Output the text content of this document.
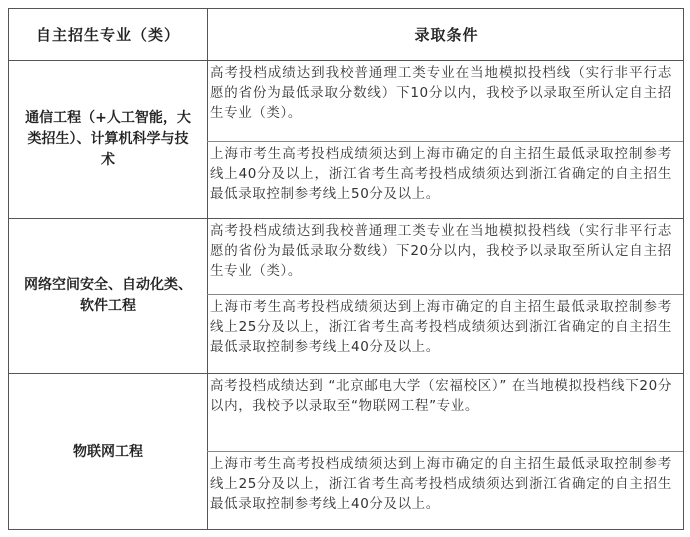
自主招生专业（类）	录取条件
通信工程（+人工智能，大类招生）、计算机科学与技术
网络空间安全、自动化类、软件工程
物联网工程
高考投档成绩达到我校普通理工类专业在当地模拟投档线（实行非平行志愿的省份为最低录取分数线）下10分以内，我校予以录取至所认定自主招生专业（类）。
上海市考生高考投档成绩须达到上海市确定的自主招生最低录取控制参考线上40分及以上，浙江省考生高考投档成绩须达到浙江省确定的自主招生最低录取控制参考线上50分及以上。
高考投档成绩达到我校普通理工类专业在当地模拟投档线（实行非平行志愿的省份为最低录取分数线）下20分以内，我校予以录取至所认定自主招生专业（类）。
上海市考生高考投档成绩须达到上海市确定的自主招生最低录取控制参考线上25分及以上，浙江省考生高考投档成绩须达到浙江省确定的自主招生最低录取控制参考线上40分及以上。
高考投档成绩达到 “北京邮电大学（宏福校区）” 在当地模拟投档线下20分以内，我校予以录取至“物联网工程”专业。
上海市考生高考投档成绩须达到上海市确定的自主招生最低录取控制参考线上25分及以上，浙江省考生高考投档成绩须达到浙江省确定的自主招生最低录取控制参考线上40分及以上。
